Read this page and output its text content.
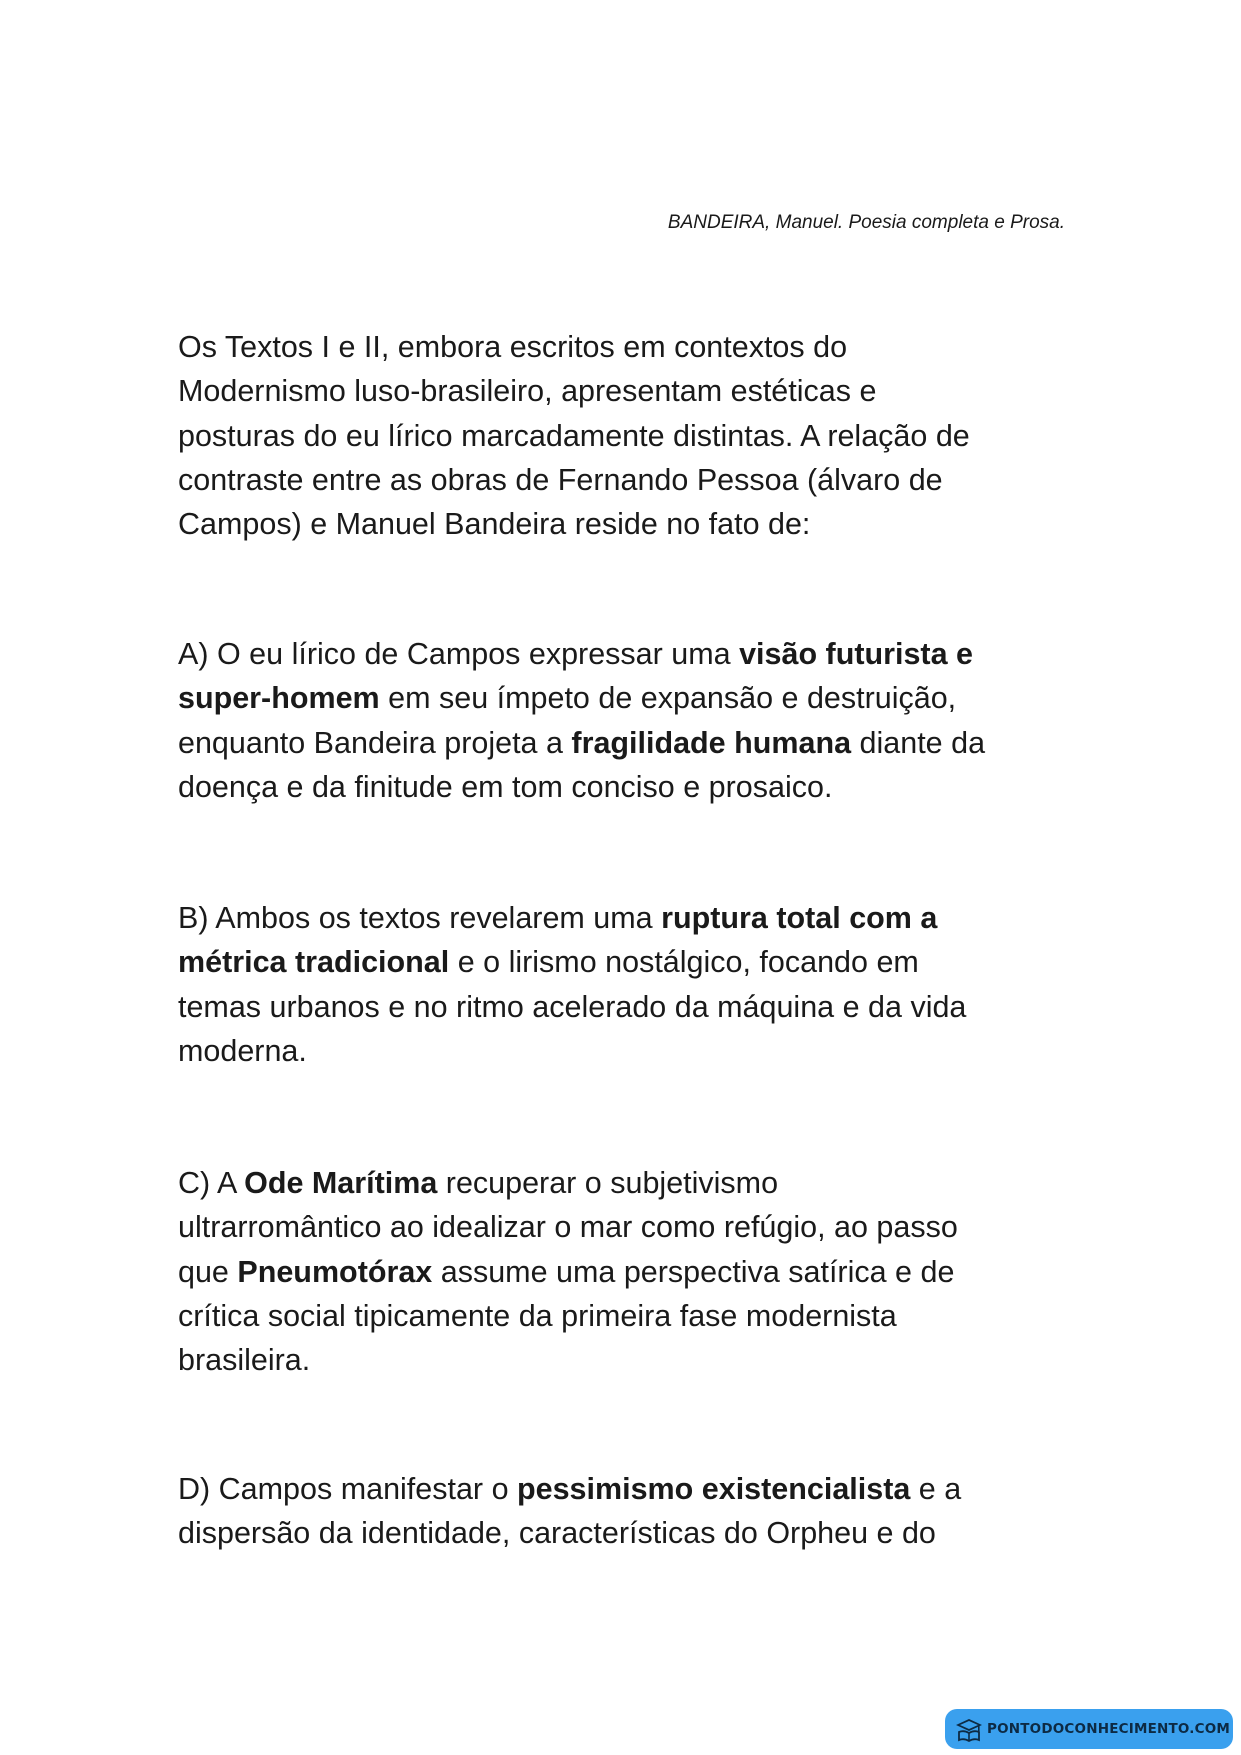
BANDEIRA, Manuel. Poesia completa e Prosa.
Os Textos I e II, embora escritos em contextos do
Modernismo luso-brasileiro, apresentam estéticas e
posturas do eu lírico marcadamente distintas. A relação de
contraste entre as obras de Fernando Pessoa (álvaro de
Campos) e Manuel Bandeira reside no fato de:
A) O eu lírico de Campos expressar uma visão futurista e
super-homem em seu ímpeto de expansão e destruição,
enquanto Bandeira projeta a fragilidade humana diante da
doença e da finitude em tom conciso e prosaico.
B) Ambos os textos revelarem uma ruptura total com a
métrica tradicional e o lirismo nostálgico, focando em
temas urbanos e no ritmo acelerado da máquina e da vida
moderna.
C) A Ode Marítima recuperar o subjetivismo
ultrarromântico ao idealizar o mar como refúgio, ao passo
que Pneumotórax assume uma perspectiva satírica e de
crítica social tipicamente da primeira fase modernista
brasileira.
D) Campos manifestar o pessimismo existencialista e a
dispersão da identidade, características do Orpheu e do
PONTODOCONHECIMENTO.COM
